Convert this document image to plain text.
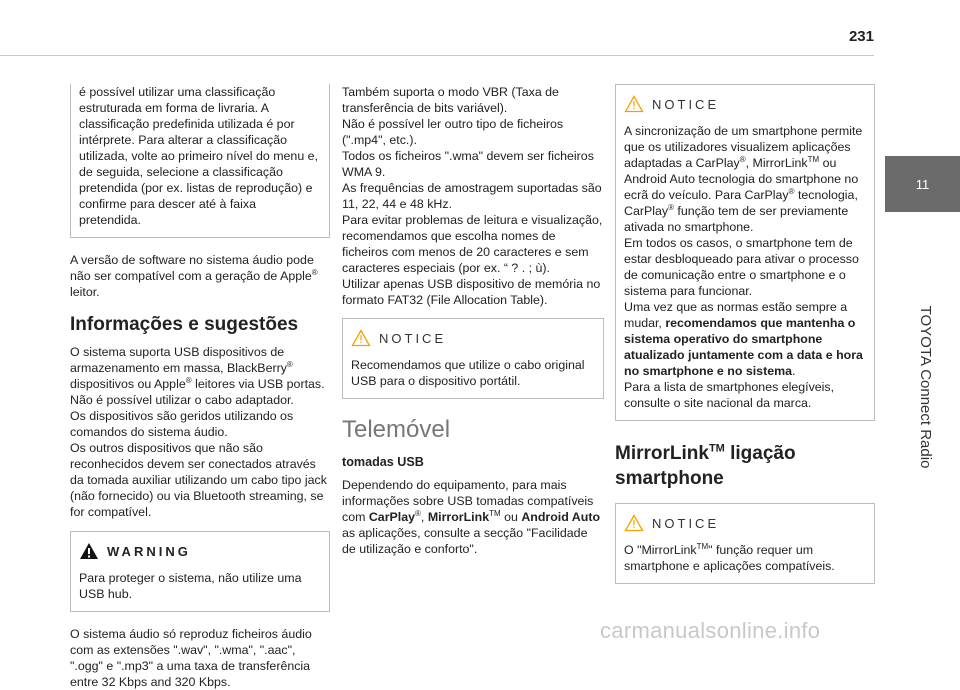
231
11
TOYOTA Connect Radio

é possível utilizar uma classificação estruturada em forma de livraria. A classificação predefinida utilizada é por intérprete. Para alterar a classificação utilizada, volte ao primeiro nível do menu e, de seguida, selecione a classificação pretendida (por ex. listas de reprodução) e confirme para descer até à faixa pretendida.

A versão de software no sistema áudio pode não ser compatível com a geração de Apple® leitor.

Informações e sugestões

O sistema suporta USB dispositivos de armazenamento em massa, BlackBerry® dispositivos ou Apple® leitores via USB portas.

Não é possível utilizar o cabo adaptador.

Os dispositivos são geridos utilizando os comandos do sistema áudio.

Os outros dispositivos que não são reconhecidos devem ser conectados através da tomada auxiliar utilizando um cabo tipo jack (não fornecido) ou via Bluetooth streaming, se for compatível.

WARNING

Para proteger o sistema, não utilize uma USB hub.

O sistema áudio só reproduz ficheiros áudio com as extensões ".wav", ".wma", ".aac", ".ogg" e ".mp3" a uma taxa de transferência entre 32 Kbps and 320 Kbps.

Também suporta o modo VBR (Taxa de transferência de bits variável).

Não é possível ler outro tipo de ficheiros (".mp4", etc.).

Todos os ficheiros ".wma" devem ser ficheiros WMA 9.

As frequências de amostragem suportadas são 11, 22, 44 e 48 kHz.

Para evitar problemas de leitura e visualização, recomendamos que escolha nomes de ficheiros com menos de 20 caracteres e sem caracteres especiais (por ex. “ ? . ; ù).

Utilizar apenas USB dispositivo de memória no formato FAT32 (File Allocation Table).

NOTICE

Recomendamos que utilize o cabo original USB para o dispositivo portátil.

Telemóvel
tomadas USB

Dependendo do equipamento, para mais informações sobre USB tomadas compatíveis com CarPlay®, MirrorLink™ ou Android Auto as aplicações, consulte a secção "Facilidade de utilização e conforto".

NOTICE

A sincronização de um smartphone permite que os utilizadores visualizem aplicações adaptadas a CarPlay®, MirrorLink™ ou Android Auto tecnologia do smartphone no ecrã do veículo. Para CarPlay® tecnologia, CarPlay® função tem de ser previamente ativada no smartphone.

Em todos os casos, o smartphone tem de estar desbloqueado para ativar o processo de comunicação entre o smartphone e o sistema para funcionar.

Uma vez que as normas estão sempre a mudar, recomendamos que mantenha o sistema operativo do smartphone atualizado juntamente com a data e hora no smartphone e no sistema.

Para a lista de smartphones elegíveis, consulte o site nacional da marca.

MirrorLink™ ligação smartphone
NOTICE

O "MirrorLink™" função requer um smartphone e aplicações compatíveis.

carmanualsonline.info
